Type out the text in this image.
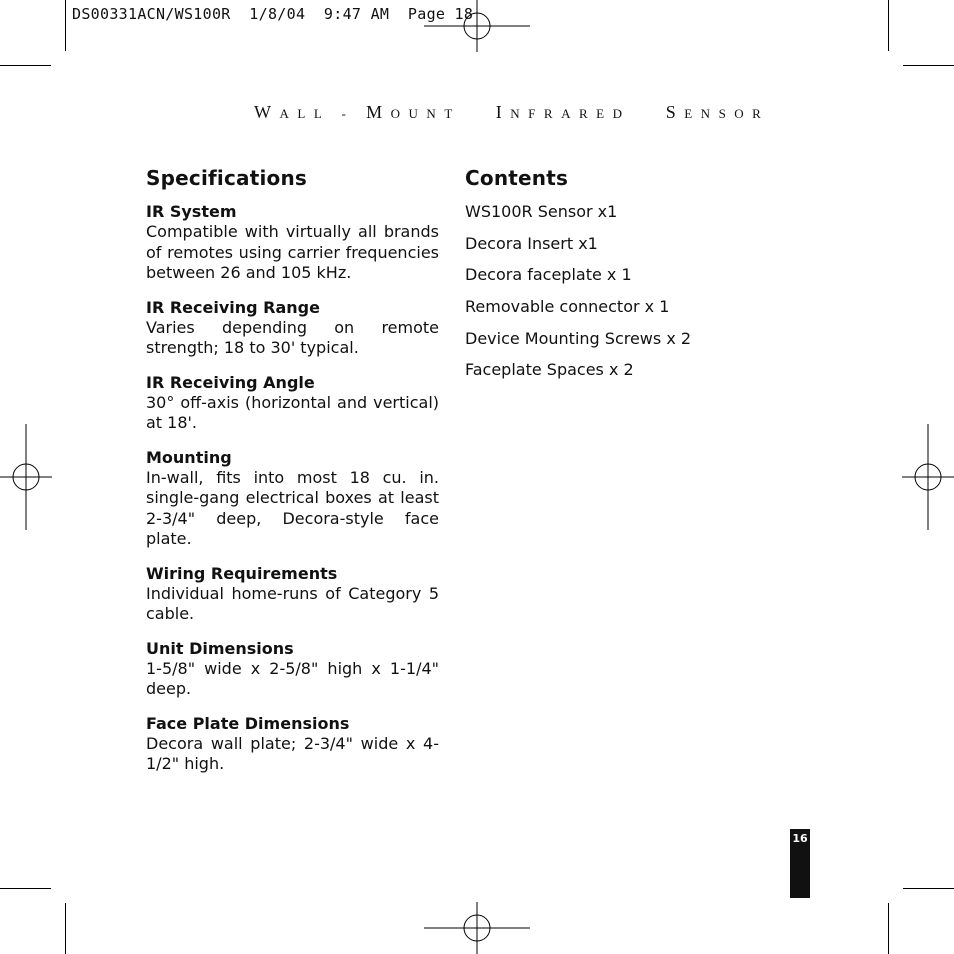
DS00331ACN/WS100R  1/8/04  9:47 AM  Page 18
WALL - MOUNT INFRARED SENSOR
Specifications
IR System
Compatible with virtually all brands of remotes using carrier frequencies between 26 and 105 kHz.
IR Receiving Range
Varies depending on remote strength; 18 to 30' typical.
IR Receiving Angle
30° off-axis (horizontal and vertical) at 18'.
Mounting
In-wall, fits into most 18 cu. in. single-gang electrical boxes at least 2-3/4" deep, Decora-style face plate.
Wiring Requirements
Individual home-runs of Category 5 cable.
Unit Dimensions
1-5/8" wide x 2-5/8" high x 1-1/4" deep.
Face Plate Dimensions
Decora wall plate; 2-3/4" wide x 4-1/2" high.
Contents
WS100R Sensor x1
Decora Insert x1
Decora faceplate x 1
Removable connector x 1
Device Mounting Screws x 2
Faceplate Spaces x 2
16
